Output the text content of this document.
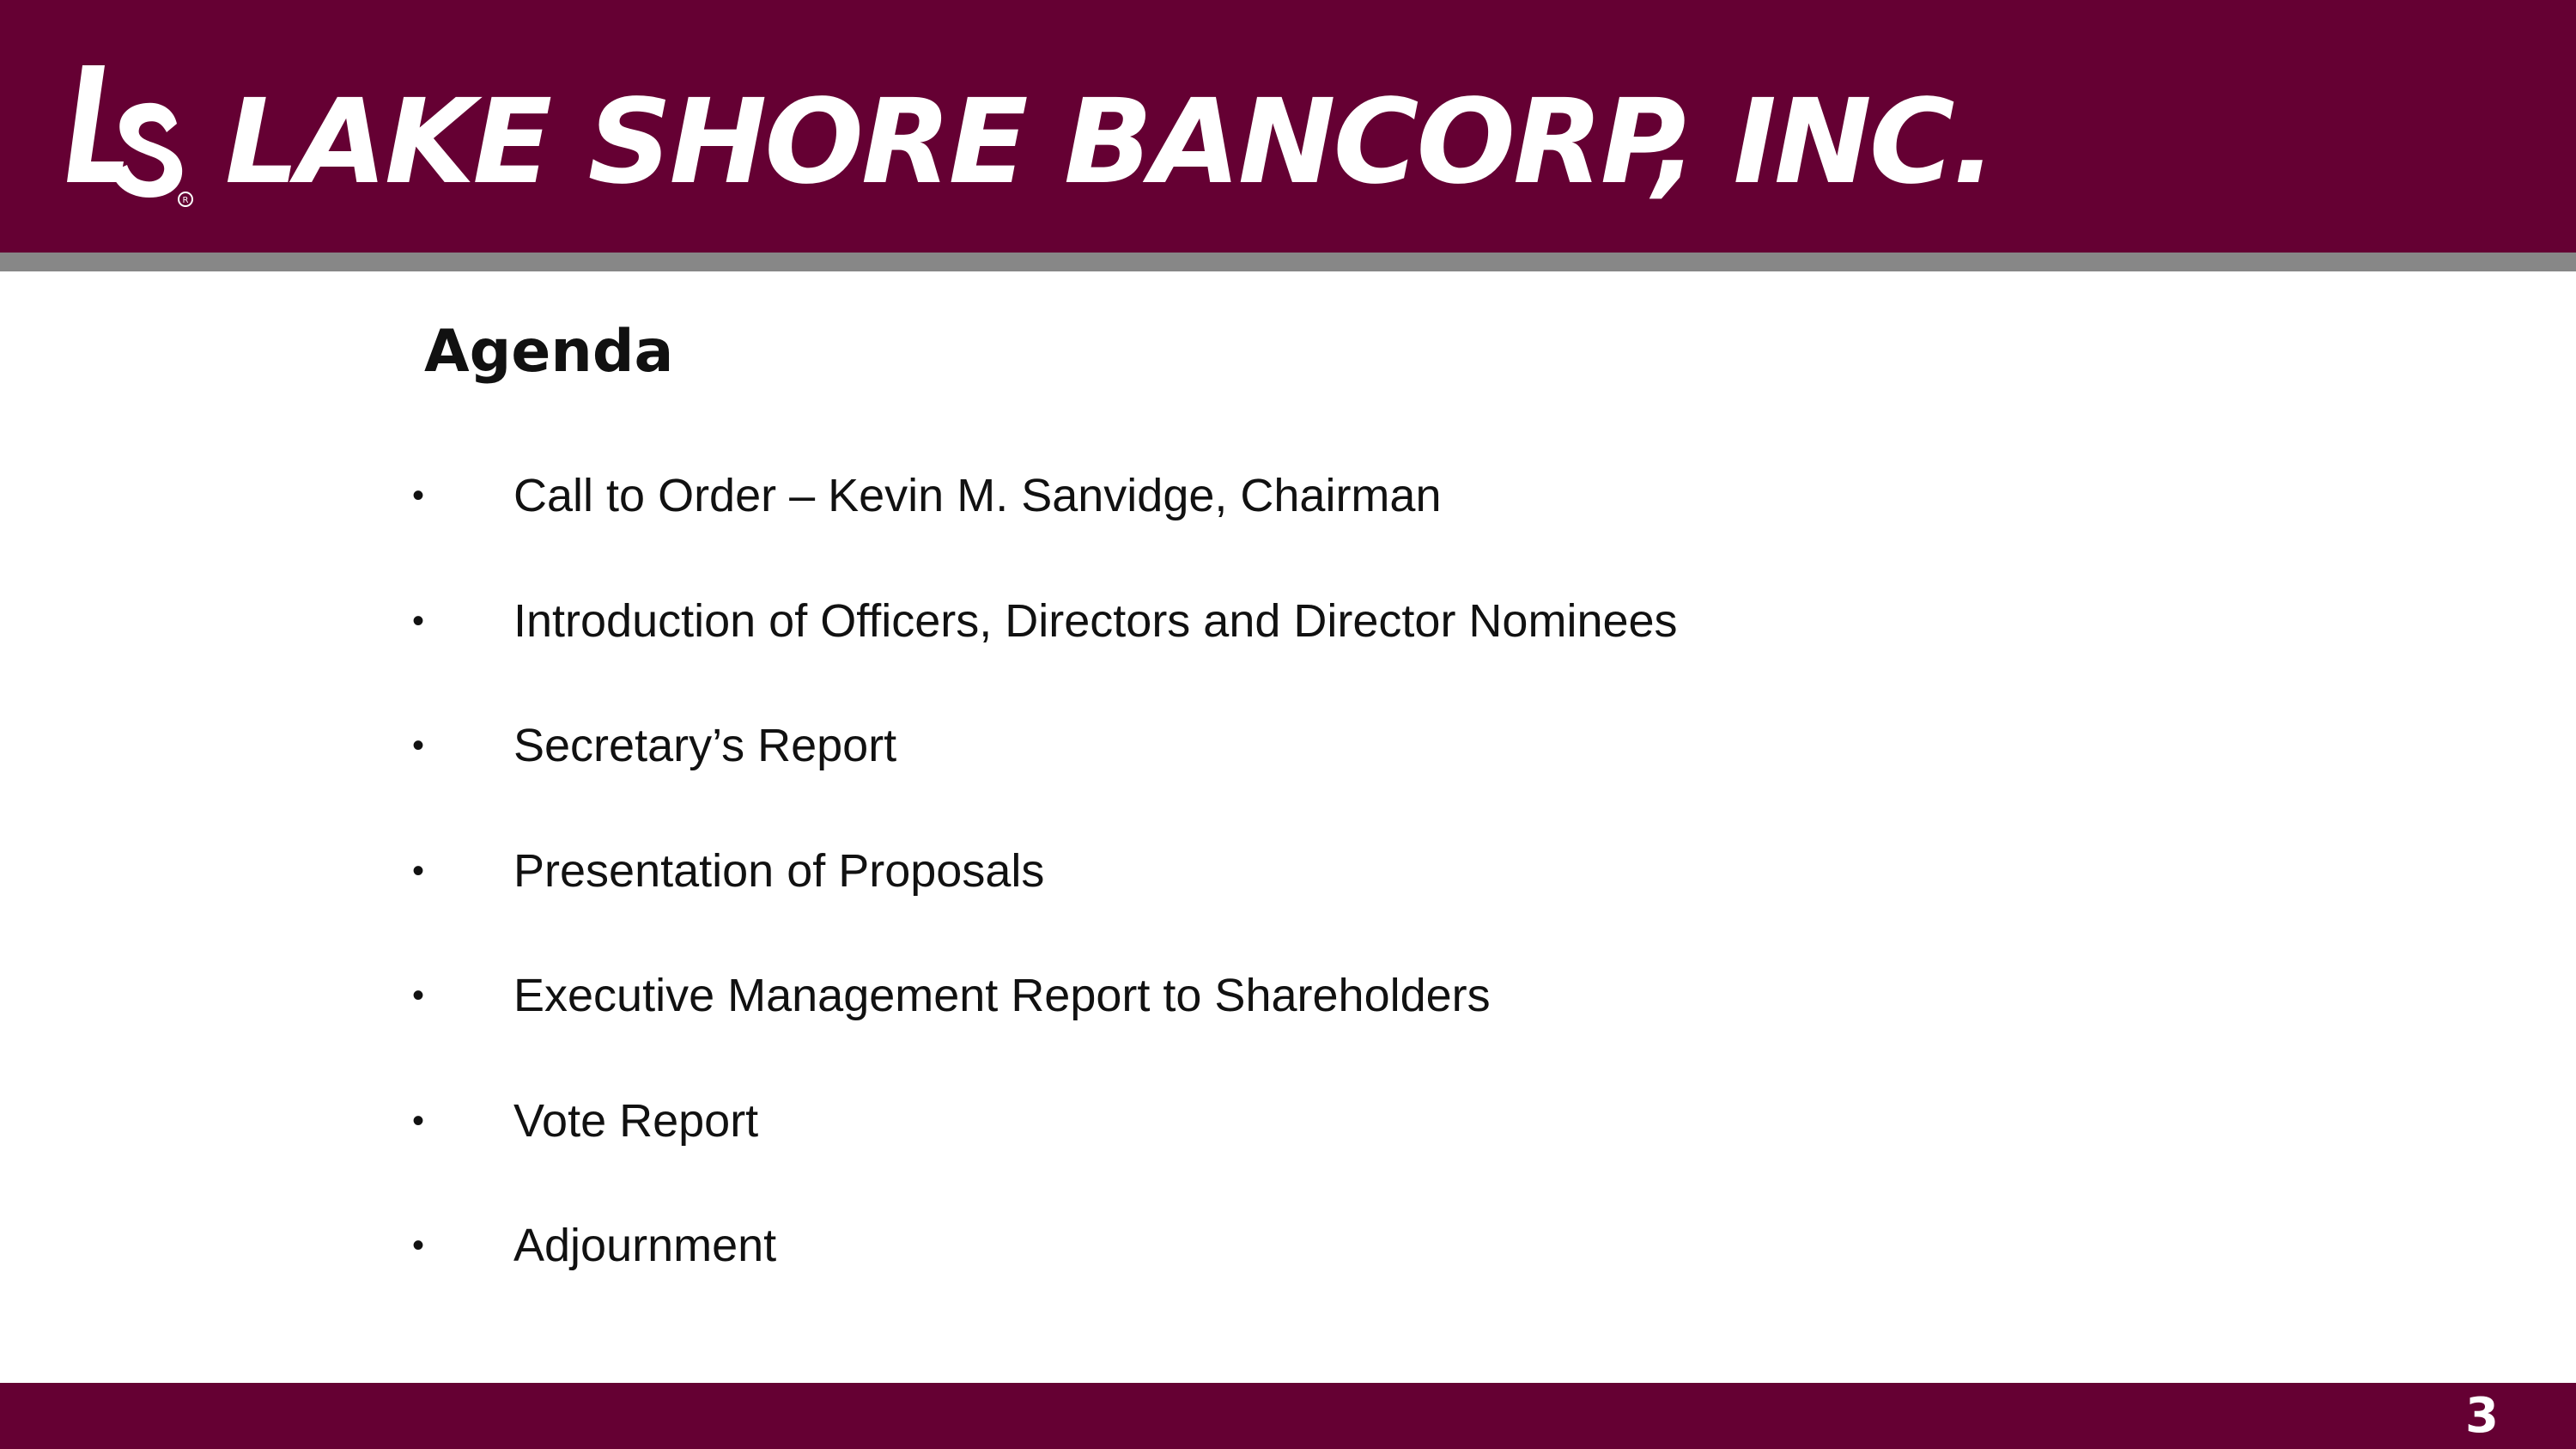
R LAKE SHORE BANCORP, INC.
Agenda
• Call to Order – Kevin M. Sanvidge, Chairman
• Introduction of Officers, Directors and Director Nominees
• Secretary’s Report
• Presentation of Proposals
• Executive Management Report to Shareholders
• Vote Report
• Adjournment
3
